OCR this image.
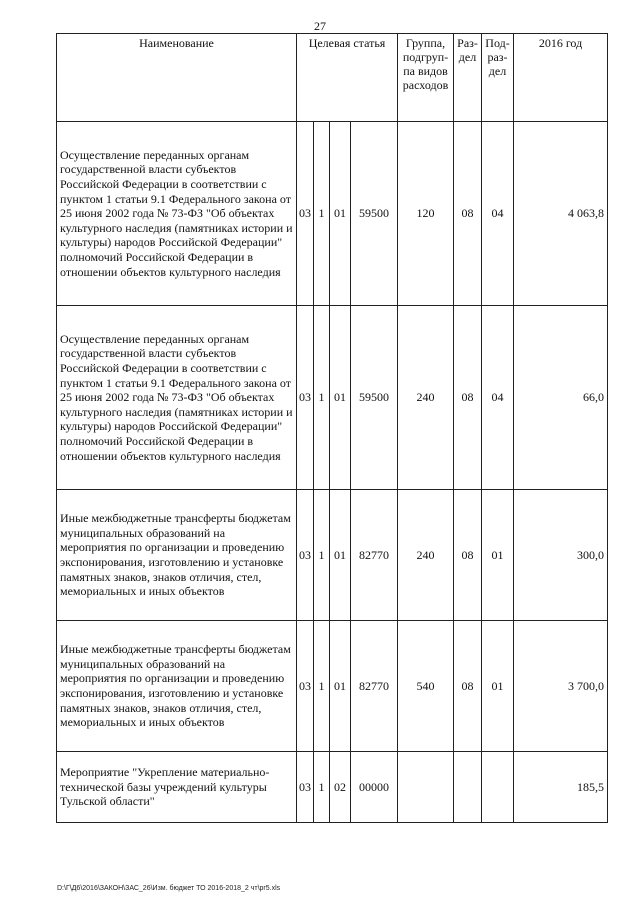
27
Наименование	Целевая статья				Группа, подгруп- па видов расходов	Раз- дел	Под- раз- дел	2016 год
Осуществление переданных органам государственной власти субъектов Российской Федерации в соответствии с пунктом 1 статьи 9.1 Федерального закона от 25 июня 2002 года № 73-ФЗ "Об объектах культурного наследия (памятниках истории и культуры) народов Российской Федерации" полномочий Российской Федерации в отношении объектов культурного наследия	03	1	01	59500	120	08	04	4 063,8
Осуществление переданных органам государственной власти субъектов Российской Федерации в соответствии с пунктом 1 статьи 9.1 Федерального закона от 25 июня 2002 года № 73-ФЗ "Об объектах культурного наследия (памятниках истории и культуры) народов Российской Федерации" полномочий Российской Федерации в отношении объектов культурного наследия	03	1	01	59500	240	08	04	66,0
Иные межбюджетные трансферты бюджетам муниципальных образований на мероприятия по организации и проведению экспонирования, изготовлению и установке памятных знаков, знаков отличия, стел, мемориальных и иных объектов	03	1	01	82770	240	08	01	300,0
Иные межбюджетные трансферты бюджетам муниципальных образований на мероприятия по организации и проведению экспонирования, изготовлению и установке памятных знаков, знаков отличия, стел, мемориальных и иных объектов	03	1	01	82770	540	08	01	3 700,0
Мероприятие "Укрепление материально-технической базы учреждений культуры Тульской области"	03	1	02	00000				185,5
D:\Г\Д6\2016\ЗАКОН\ЗАС_26\Изм. бюджет ТО 2016-2018_2 чт\pr5.xls
